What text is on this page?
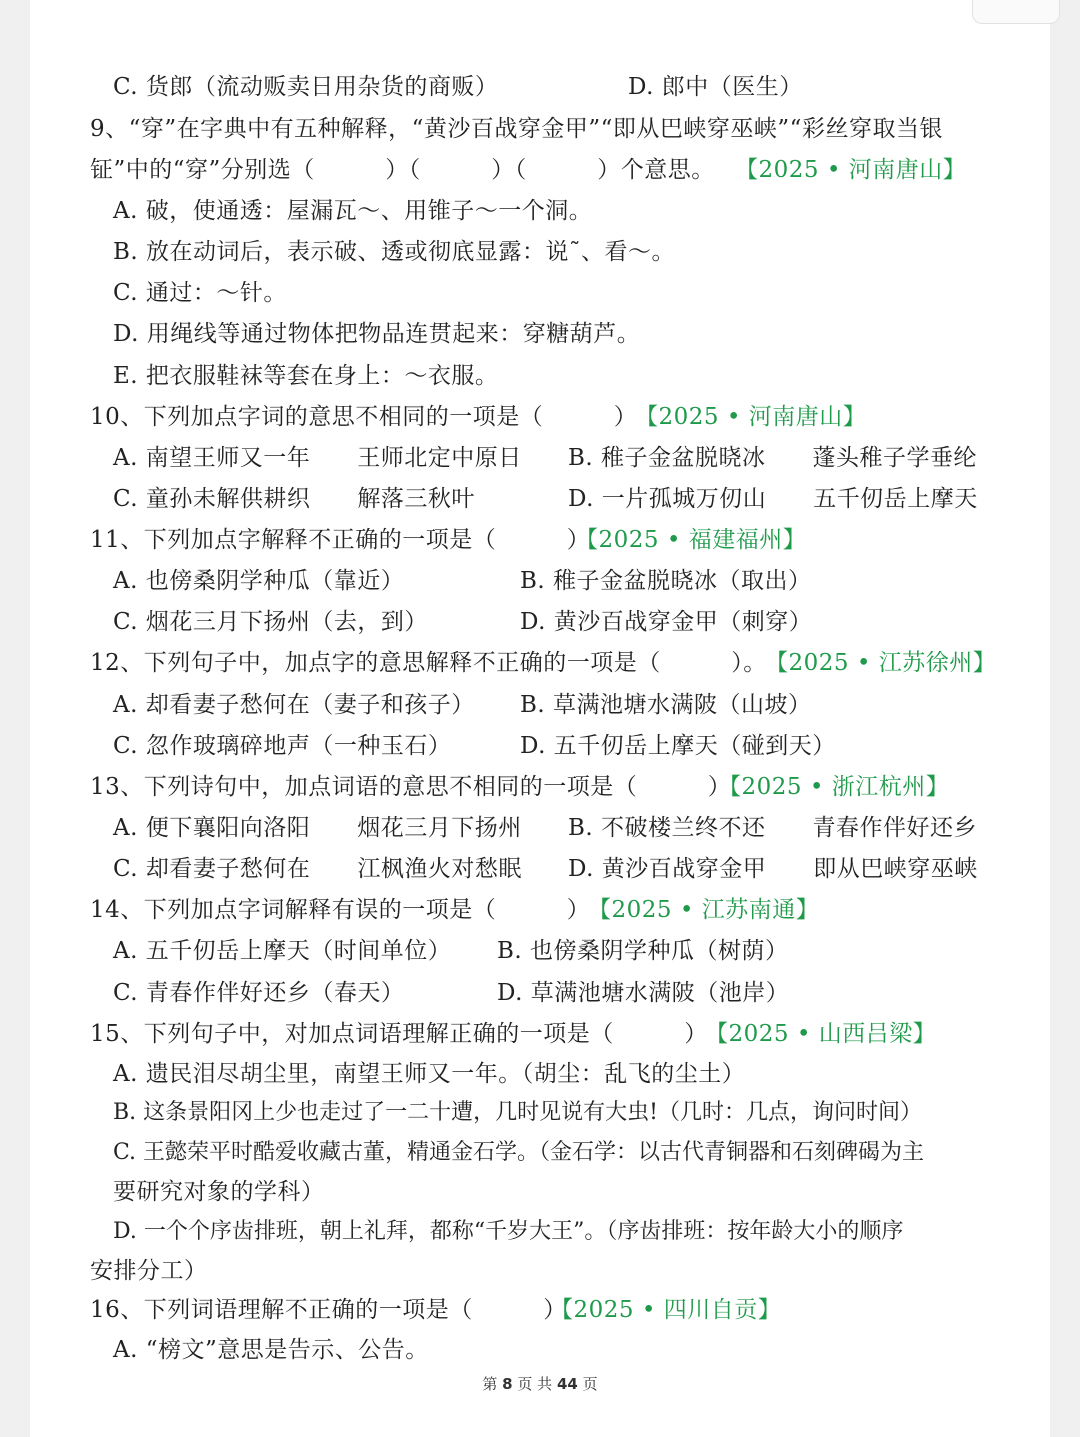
C. 货郎（流动贩卖日用杂货的商贩）	D. 郎中（医生）
9、“穿”在字典中有五种解释，“黄沙百战穿金甲”“即从巴峡穿巫峡”“彩丝穿取当银
钲”中的“穿”分别选（　　　）（　　　）（　　　）个意思。 【2025 • 河南唐山】
A. 破，使通透：屋漏瓦～、用锥子～一个洞。
B. 放在动词后，表示破、透或彻底显露：说˜、看～。
C. 通过：～针。
D. 用绳线等通过物体把物品连贯起来：穿糖葫芦。
E. 把衣服鞋袜等套在身上：～衣服。
10、下列加点字词的意思不相同的一项是（　　　）
【2025 • 河南唐山】
A. 南望王师又一年　　王师北定中原日 B. 稚子金盆脱晓冰　　蓬头稚子学垂纶
C. 童孙未解供耕织　　解落三秋叶	D. 一片孤城万仞山　　五千仞岳上摩天
11、下列加点字解释不正确的一项是（　　　）
【2025 • 福建福州】
A. 也傍桑阴学种瓜（靠近）	B. 稚子金盆脱晓冰（取出）
C. 烟花三月下扬州（去，到）	D. 黄沙百战穿金甲（刺穿）
12、下列句子中，加点字的意思解释不正确的一项是（　　　）。
【2025 • 江苏徐州】
A. 却看妻子愁何在（妻子和孩子） B. 草满池塘水满陂（山坡）
C. 忽作玻璃碎地声（一种玉石）	D. 五千仞岳上摩天（碰到天）
13、下列诗句中，加点词语的意思不相同的一项是（　　　）
【2025 • 浙江杭州】
A. 便下襄阳向洛阳　　烟花三月下扬州 B. 不破楼兰终不还　　青春作伴好还乡
C. 却看妻子愁何在　　江枫渔火对愁眠 D. 黄沙百战穿金甲　　即从巴峡穿巫峡
14、下列加点字词解释有误的一项是（　　　）
【2025 • 江苏南通】
A. 五千仞岳上摩天（时间单位） B. 也傍桑阴学种瓜（树荫）
C. 青春作伴好还乡（春天）	D. 草满池塘水满陂（池岸）
15、下列句子中，对加点词语理解正确的一项是（　　　）
【2025 • 山西吕梁】
A. 遗民泪尽胡尘里，南望王师又一年。（胡尘：乱飞的尘土）
B. 这条景阳冈上少也走过了一二十遭，几时见说有大虫!（几时：几点，询问时间）
C. 王懿荣平时酷爱收藏古董，精通金石学。（金石学：以古代青铜器和石刻碑碣为主
要研究对象的学科）
D. 一个个序齿排班，朝上礼拜，都称“千岁大王”。（序齿排班：按年龄大小的顺序
安排分工）
16、下列词语理解不正确的一项是（　　　）
【2025 • 四川自贡】
A. “榜文”意思是告示、公告。
第 8 页 共 44 页
